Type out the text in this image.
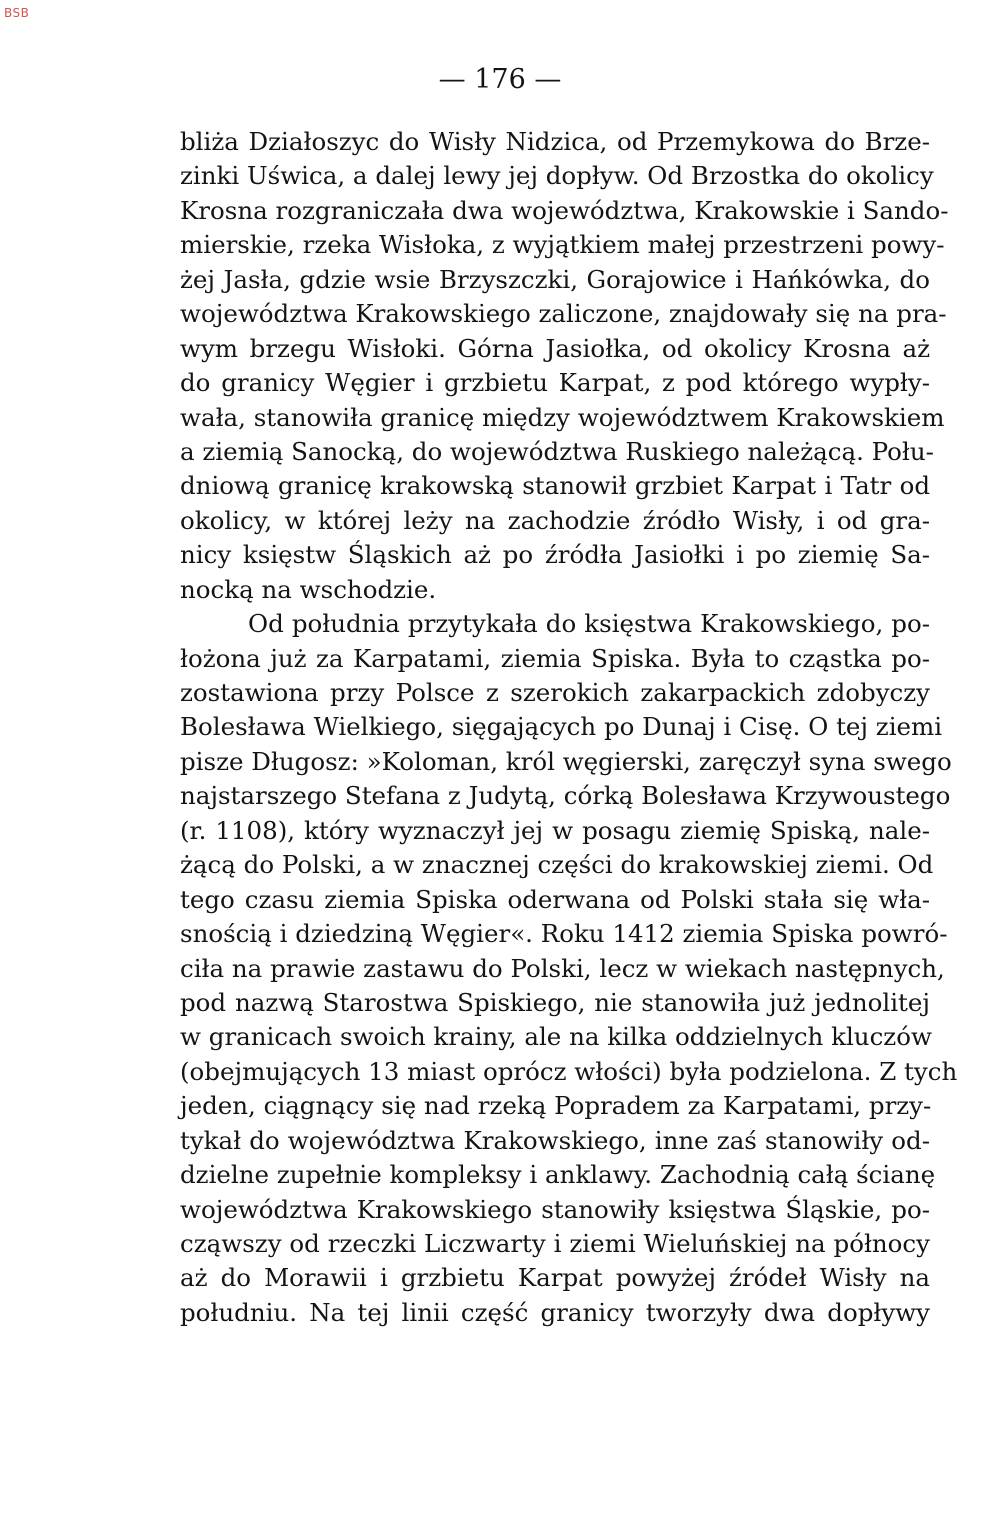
BSB
— 176 —
bliża Działoszyc do Wisły Nidzica, od Przemykowa do Brze-
zinki Uświca, a dalej lewy jej dopływ. Od Brzostka do okolicy
Krosna rozgraniczała dwa województwa, Krakowskie i Sando-
mierskie, rzeka Wisłoka, z wyjątkiem małej przestrzeni powy-
żej Jasła, gdzie wsie Brzyszczki, Gorajowice i Hańkówka, do
województwa Krakowskiego zaliczone, znajdowały się na pra-
wym brzegu Wisłoki. Górna Jasiołka, od okolicy Krosna aż
do granicy Węgier i grzbietu Karpat, z pod którego wypły-
wała, stanowiła granicę między województwem Krakowskiem
a ziemią Sanocką, do województwa Ruskiego należącą. Połu-
dniową granicę krakowską stanowił grzbiet Karpat i Tatr od
okolicy, w której leży na zachodzie źródło Wisły, i od gra-
nicy księstw Śląskich aż po źródła Jasiołki i po ziemię Sa-
nocką na wschodzie.
Od południa przytykała do księstwa Krakowskiego, po-
łożona już za Karpatami, ziemia Spiska. Była to cząstka po-
zostawiona przy Polsce z szerokich zakarpackich zdobyczy
Bolesława Wielkiego, sięgających po Dunaj i Cisę. O tej ziemi
pisze Długosz: »Koloman, król węgierski, zaręczył syna swego
najstarszego Stefana z Judytą, córką Bolesława Krzywoustego
(r. 1108), który wyznaczył jej w posagu ziemię Spiską, nale-
żącą do Polski, a w znacznej części do krakowskiej ziemi. Od
tego czasu ziemia Spiska oderwana od Polski stała się wła-
snością i dziedziną Węgier«. Roku 1412 ziemia Spiska powró-
ciła na prawie zastawu do Polski, lecz w wiekach następnych,
pod nazwą Starostwa Spiskiego, nie stanowiła już jednolitej
w granicach swoich krainy, ale na kilka oddzielnych kluczów
(obejmujących 13 miast oprócz włości) była podzielona. Z tych
jeden, ciągnący się nad rzeką Popradem za Karpatami, przy-
tykał do województwa Krakowskiego, inne zaś stanowiły od-
dzielne zupełnie kompleksy i anklawy. Zachodnią całą ścianę
województwa Krakowskiego stanowiły księstwa Śląskie, po-
cząwszy od rzeczki Liczwarty i ziemi Wieluńskiej na północy
aż do Morawii i grzbietu Karpat powyżej źródeł Wisły na
południu. Na tej linii część granicy tworzyły dwa dopływy
